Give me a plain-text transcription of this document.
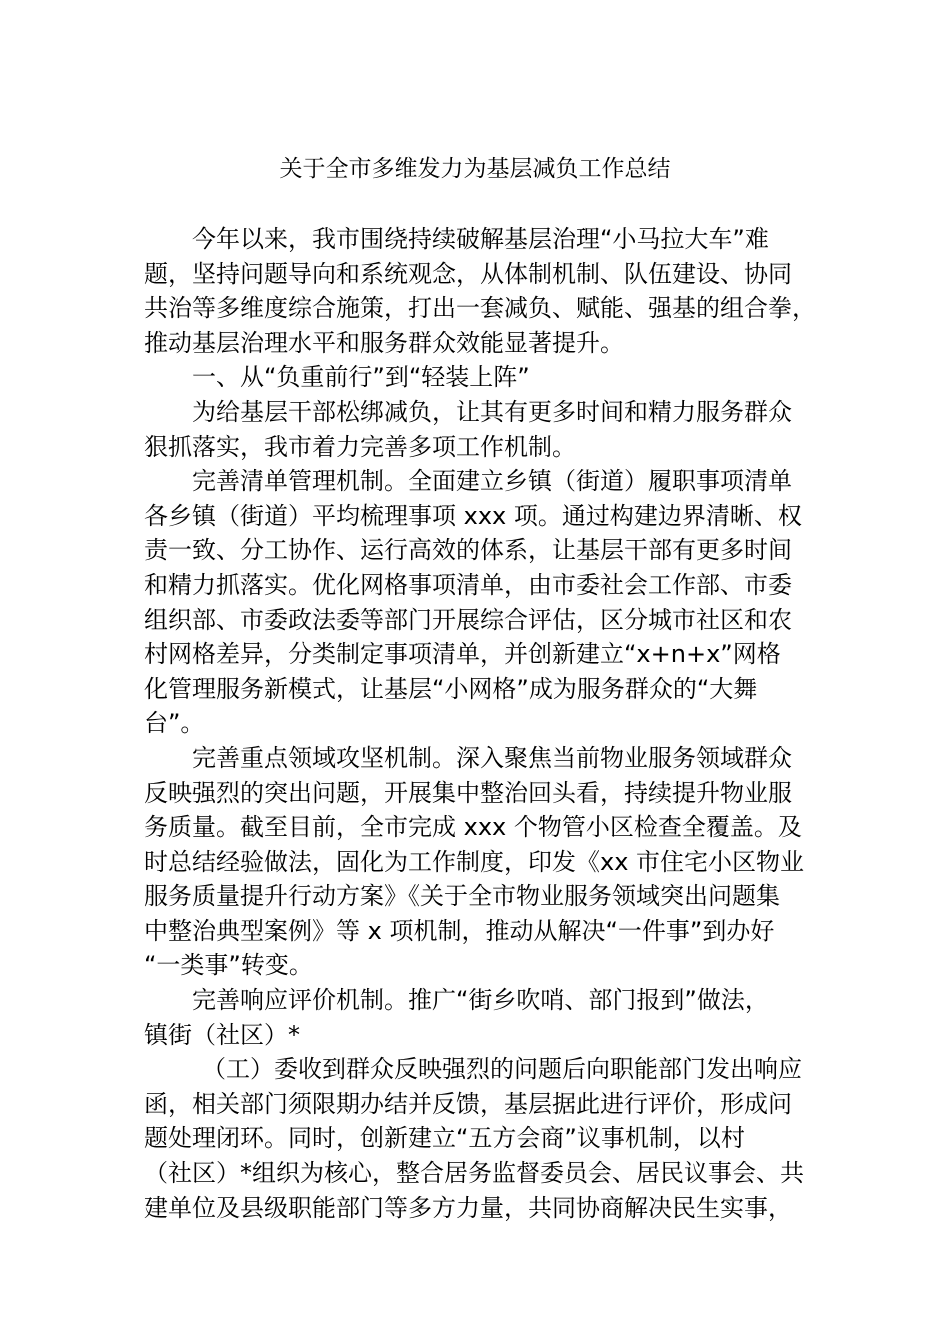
关于全市多维发力为基层减负工作总结
今年以来，我市围绕持续破解基层治理“小马拉大车”难
题，坚持问题导向和系统观念，从体制机制、队伍建设、协同
共治等多维度综合施策，打出一套减负、赋能、强基的组合拳，
推动基层治理水平和服务群众效能显著提升。
一、从“负重前行”到“轻装上阵”
为给基层干部松绑减负，让其有更多时间和精力服务群众
狠抓落实，我市着力完善多项工作机制。
完善清单管理机制。全面建立乡镇（街道）履职事项清单
各乡镇（街道）平均梳理事项 xxx 项。通过构建边界清晰、权
责一致、分工协作、运行高效的体系，让基层干部有更多时间
和精力抓落实。优化网格事项清单，由市委社会工作部、市委
组织部、市委政法委等部门开展综合评估，区分城市社区和农
村网格差异，分类制定事项清单，并创新建立“x+n+x”网格
化管理服务新模式，让基层“小网格”成为服务群众的“大舞
台”。
完善重点领域攻坚机制。深入聚焦当前物业服务领域群众
反映强烈的突出问题，开展集中整治回头看，持续提升物业服
务质量。截至目前，全市完成 xxx 个物管小区检查全覆盖。及
时总结经验做法，固化为工作制度，印发《xx 市住宅小区物业
服务质量提升行动方案》《关于全市物业服务领域突出问题集
中整治典型案例》等 x 项机制，推动从解决“一件事”到办好
“一类事”转变。
完善响应评价机制。推广“街乡吹哨、部门报到”做法，
镇街（社区）*
（工）委收到群众反映强烈的问题后向职能部门发出响应
函，相关部门须限期办结并反馈，基层据此进行评价，形成问
题处理闭环。同时，创新建立“五方会商”议事机制，以村
（社区）*组织为核心，整合居务监督委员会、居民议事会、共
建单位及县级职能部门等多方力量，共同协商解决民生实事，
